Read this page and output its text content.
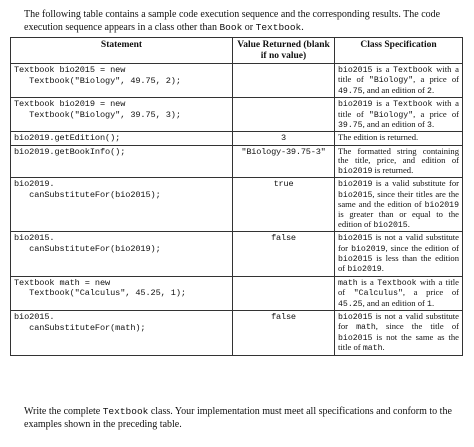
The following table contains a sample code execution sequence and the corresponding results. The code execution sequence appears in a class other than Book or Textbook.
Statement	Value Returned (blank if no value)	Class Specification
Textbook bio2015 = new
Textbook("Biology", 49.75, 2);		bio2015 is a Textbook with a title of "Biology", a price of 49.75, and an edition of 2.
Textbook bio2019 = new
Textbook("Biology", 39.75, 3);		bio2019 is a Textbook with a title of "Biology", a price of 39.75, and an edition of 3.
bio2019.getEdition();	3	The edition is returned.
bio2019.getBookInfo();	"Biology-39.75-3"	The formatted string containing the title, price, and edition of bio2019 is returned.
bio2019.
canSubstituteFor(bio2015);	true	bio2019 is a valid substitute for bio2015, since their titles are the same and the edition of bio2019 is greater than or equal to the edition of bio2015.
bio2015.
canSubstituteFor(bio2019);	false	bio2015 is not a valid substitute for bio2019, since the edition of bio2015 is less than the edition of bio2019.
Textbook math = new
Textbook("Calculus", 45.25, 1);		math is a Textbook with a title of "Calculus", a price of 45.25, and an edition of 1.
bio2015.
canSubstituteFor(math);	false	bio2015 is not a valid substitute for math, since the title of bio2015 is not the same as the title of math.
Write the complete Textbook class. Your implementation must meet all specifications and conform to the examples shown in the preceding table.
